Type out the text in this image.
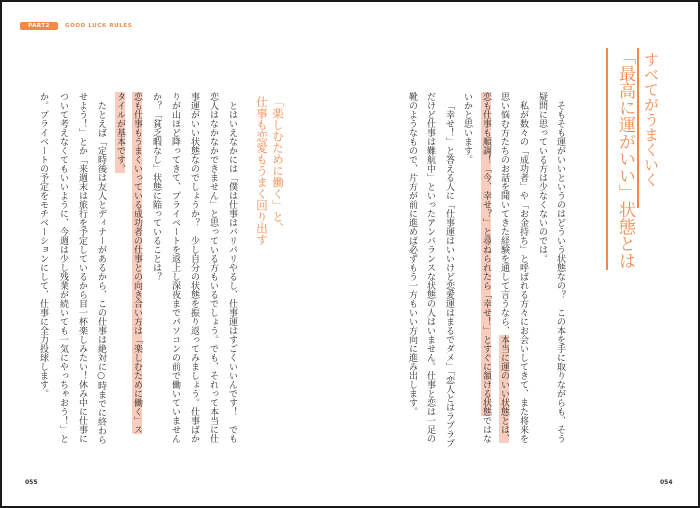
PART2	GOOD LUCK RULES
すべてがうまくいく
「最高に運がいい」状態とは
そもそも運がいいというのはどういう状態なの？　この本を手に取りながらも、そう
疑問に思っている方は少なくないのでは。
私が数々の「成功者」や「お金持ち」と呼ばれる方々にお会いしてきて、また将来を
思い悩む方たちのお話を聞いてきた経験を通して言うなら、本当に運のいい状態とは、
恋も仕事も順調！「今、幸せ？」と尋ねられたら「幸せ！」とすぐに頷ける状態ではな
いかと思います。
「幸せ！」と答える人に「仕事運はいいけど恋愛運はまるでダメ」「恋人とはラブラブ
だけど仕事は難航中」といったアンバランスな状態の人はいません。仕事と恋は一足の
靴のようなもので、片方が前に進めば必ずもう一方もいい方向に進み出します。
054
「楽しむために働く」と、
仕事も恋愛もうまく回り出す
とはいえなかには「僕は仕事はバリバリやるし、仕事運はすごくいいんです！　でも
恋人はなかなかできません」と思っている方もいるでしょう。でも、それって本当に仕
事運がいい状態なのでしょうか？　少し自分の状態を振り返ってみましょう。仕事ばか
りが山ほど降ってきて、プライベートを返上し深夜までパソコンの前で働いていません
か？「貧乏暇なし」状態に陥っていることは？
恋も仕事もうまくいっている成功者の仕事との向き合い方は「楽しむために働く」ス
タイルが基本です。
たとえば「定時後は友人とディナーがあるから、この仕事は絶対に○時までに終わら
せよう！」とか「来週末は旅行を予定しているから目一杯楽しみたい！休み中に仕事に
ついて考えなくてもいいように、今週は少し残業が続いても一気にやっちゃおう！」と
か。プライベートの予定をモチベーションにして、仕事に全力投球します。
055
